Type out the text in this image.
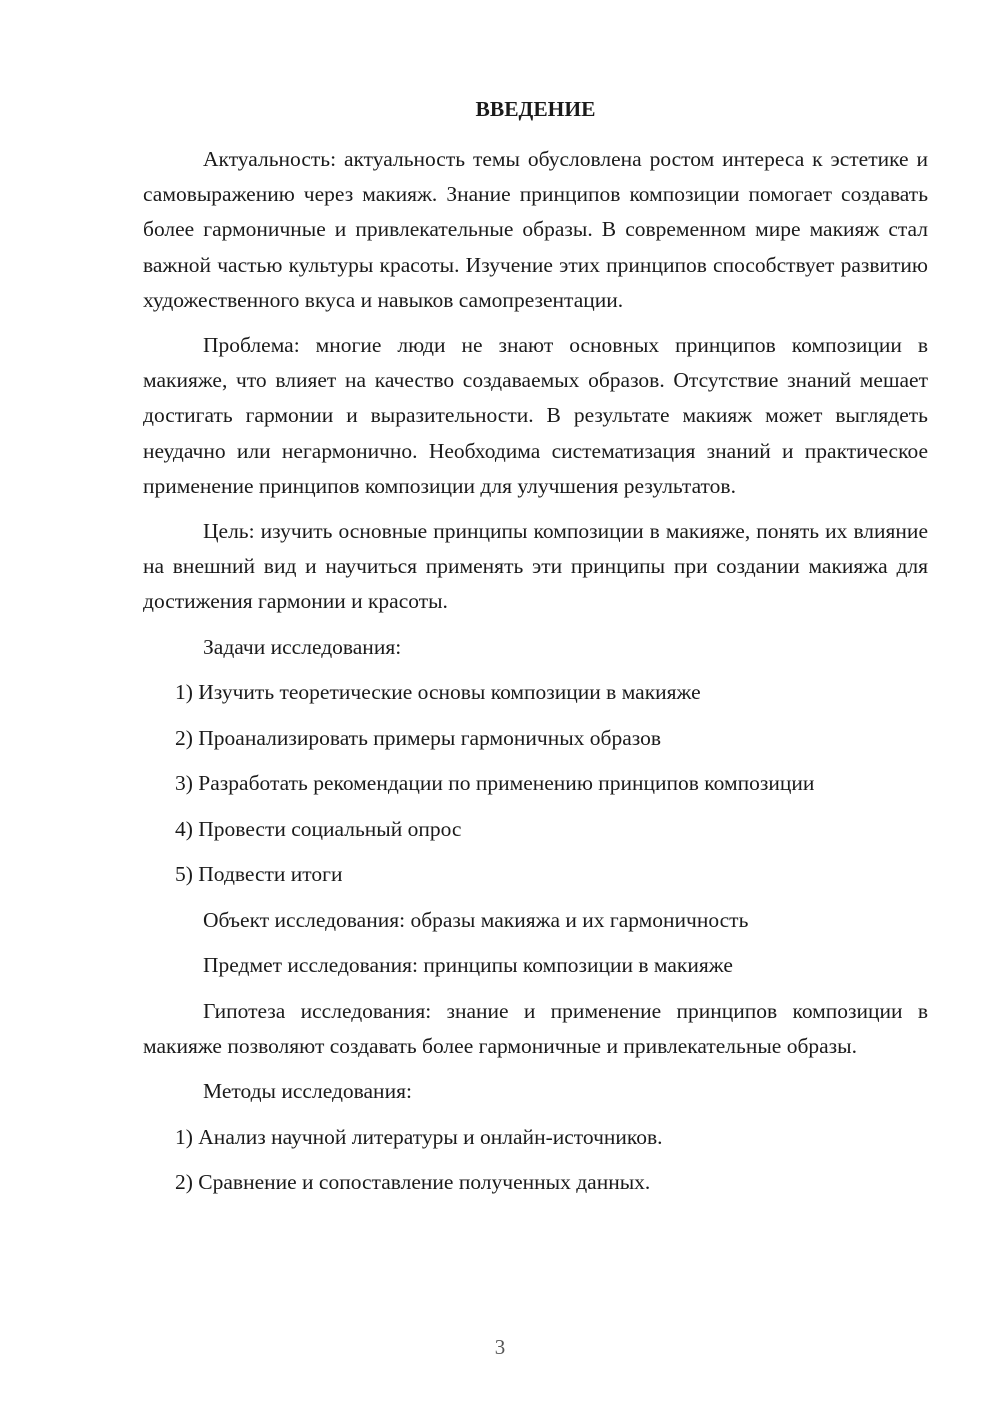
ВВЕДЕНИЕ

Актуальность: актуальность темы обусловлена ростом интереса к эстетике и самовыражению через макияж. Знание принципов композиции помогает создавать более гармоничные и привлекательные образы. В современном мире макияж стал важной частью культуры красоты. Изучение этих принципов способствует развитию художественного вкуса и навыков самопрезентации.

Проблема: многие люди не знают основных принципов композиции в макияже, что влияет на качество создаваемых образов. Отсутствие знаний мешает достигать гармонии и выразительности. В результате макияж может выглядеть неудачно или негармонично. Необходима систематизация знаний и практическое применение принципов композиции для улучшения результатов.

Цель: изучить основные принципы композиции в макияже, понять их влияние на внешний вид и научиться применять эти принципы при создании макияжа для достижения гармонии и красоты.

Задачи исследования:
1) Изучить теоретические основы композиции в макияже
2) Проанализировать примеры гармоничных образов
3) Разработать рекомендации по применению принципов композиции
4) Провести социальный опрос
5) Подвести итоги
Объект исследования: образы макияжа и их гармоничность
Предмет исследования: принципы композиции в макияже

Гипотеза исследования: знание и применение принципов композиции в макияже позволяют создавать более гармоничные и привлекательные образы.

Методы исследования:
1) Анализ научной литературы и онлайн-источников.
2) Сравнение и сопоставление полученных данных.
3
